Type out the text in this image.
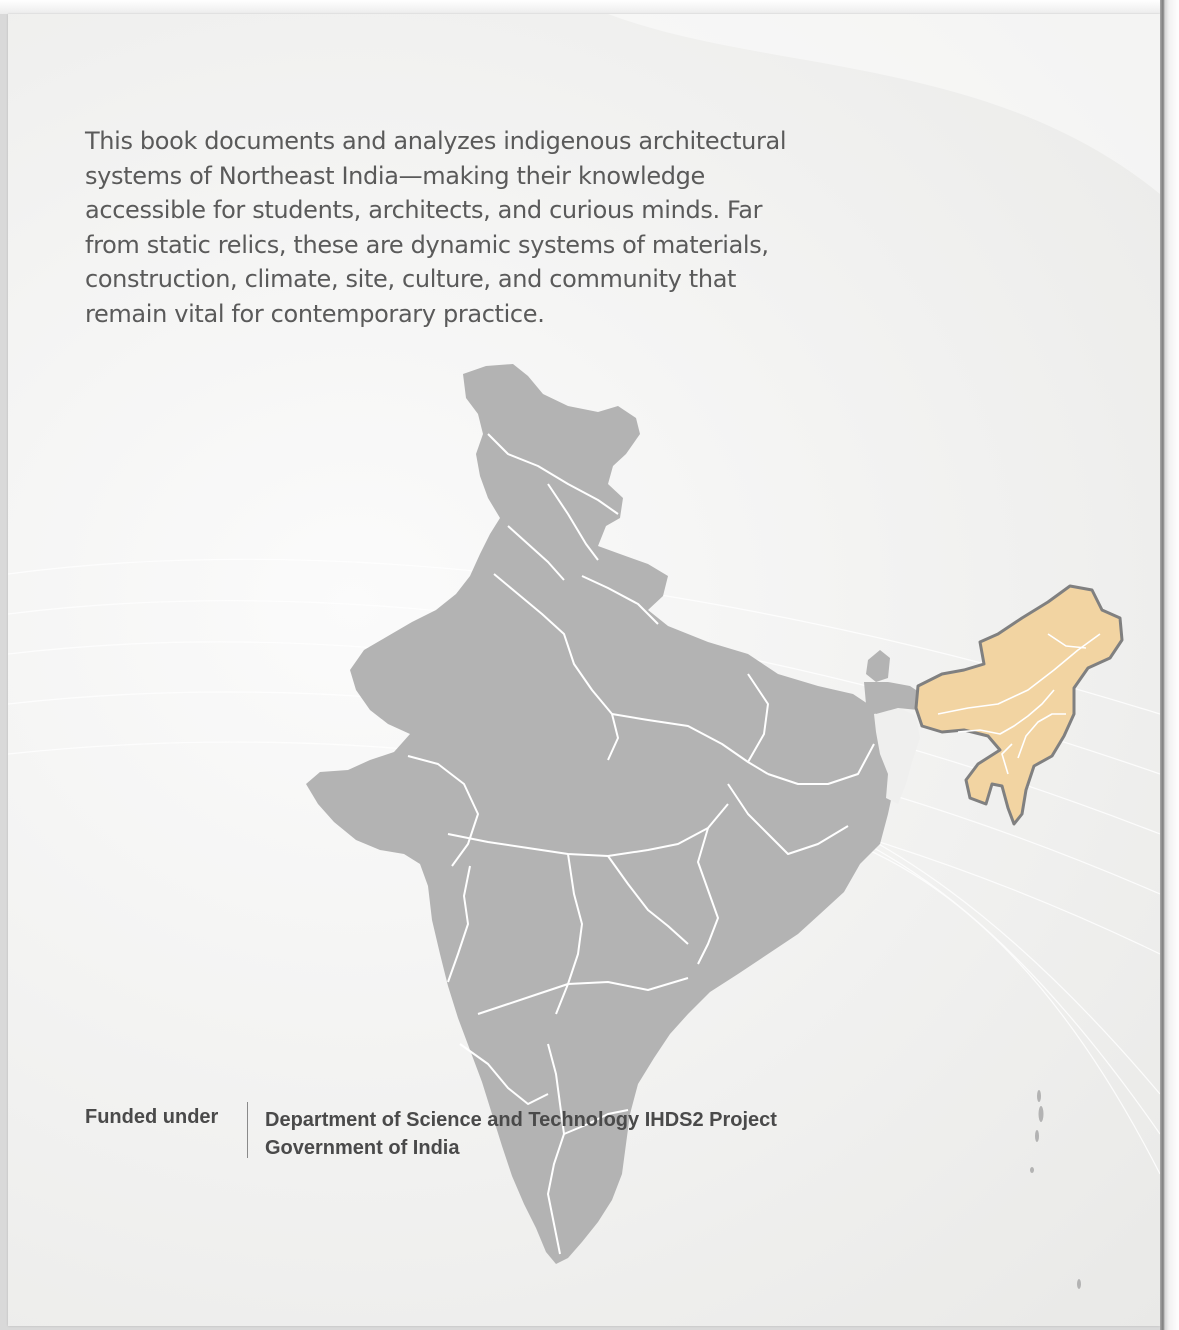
This book documents and analyzes indigenous architectural systems of Northeast India—making their knowledge accessible for students, architects, and curious minds. Far from static relics, these are dynamic systems of materials, construction, climate, site, culture, and community that remain vital for contemporary practice.

Funded under Department of Science and Technology IHDS2 Project
Government of India
